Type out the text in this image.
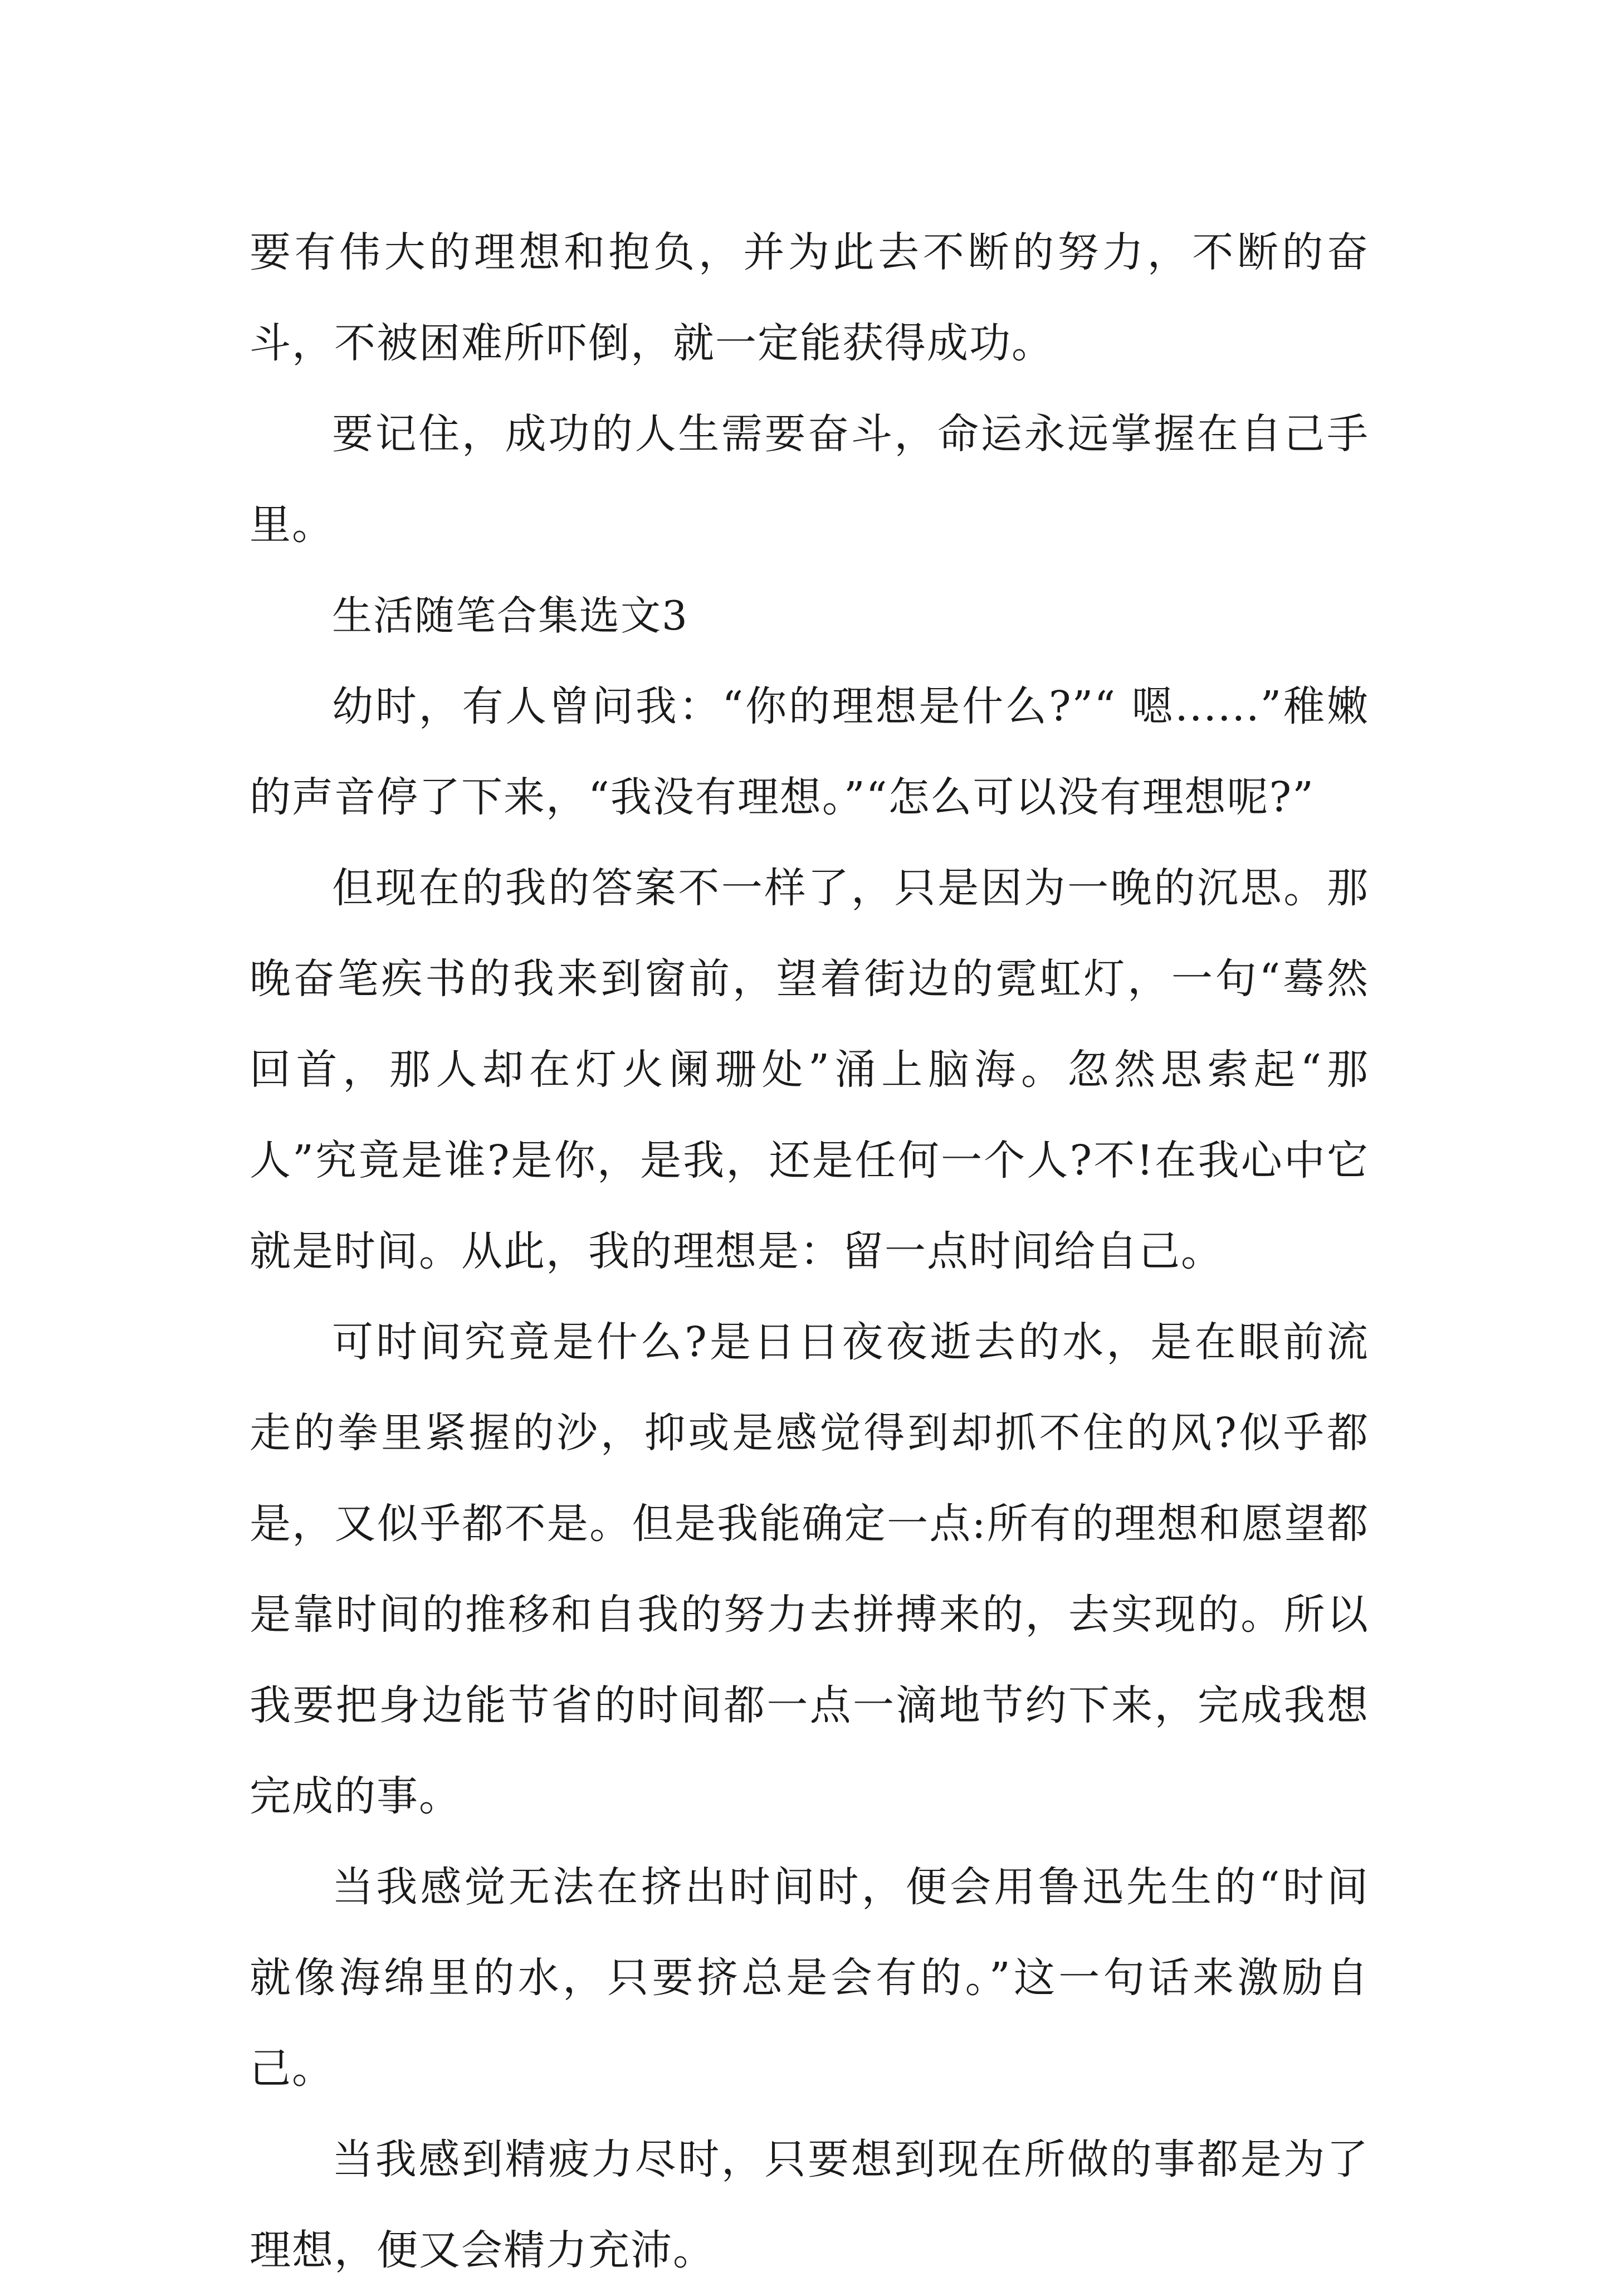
要有伟大的理想和抱负，并为此去不断的努力，不断的奋斗，不被困难所吓倒，就一定能获得成功。

要记住，成功的人生需要奋斗，命运永远掌握在自己手里。

生活随笔合集选文3

幼时，有人曾问我：“你的理想是什么?”“ 嗯......”稚嫩的声音停了下来，“我没有理想。”“怎么可以没有理想呢?”

但现在的我的答案不一样了，只是因为一晚的沉思。那晚奋笔疾书的我来到窗前，望着街边的霓虹灯，一句“蓦然回首，那人却在灯火阑珊处”涌上脑海。忽然思索起“那人”究竟是谁?是你，是我，还是任何一个人?不!在我心中它就是时间。从此，我的理想是：留一点时间给自己。

可时间究竟是什么?是日日夜夜逝去的水，是在眼前流走的拳里紧握的沙，抑或是感觉得到却抓不住的风?似乎都是，又似乎都不是。但是我能确定一点:所有的理想和愿望都是靠时间的推移和自我的努力去拼搏来的，去实现的。所以我要把身边能节省的时间都一点一滴地节约下来，完成我想完成的事。

当我感觉无法在挤出时间时，便会用鲁迅先生的“时间就像海绵里的水，只要挤总是会有的。”这一句话来激励自己。

当我感到精疲力尽时，只要想到现在所做的事都是为了理想，便又会精力充沛。
